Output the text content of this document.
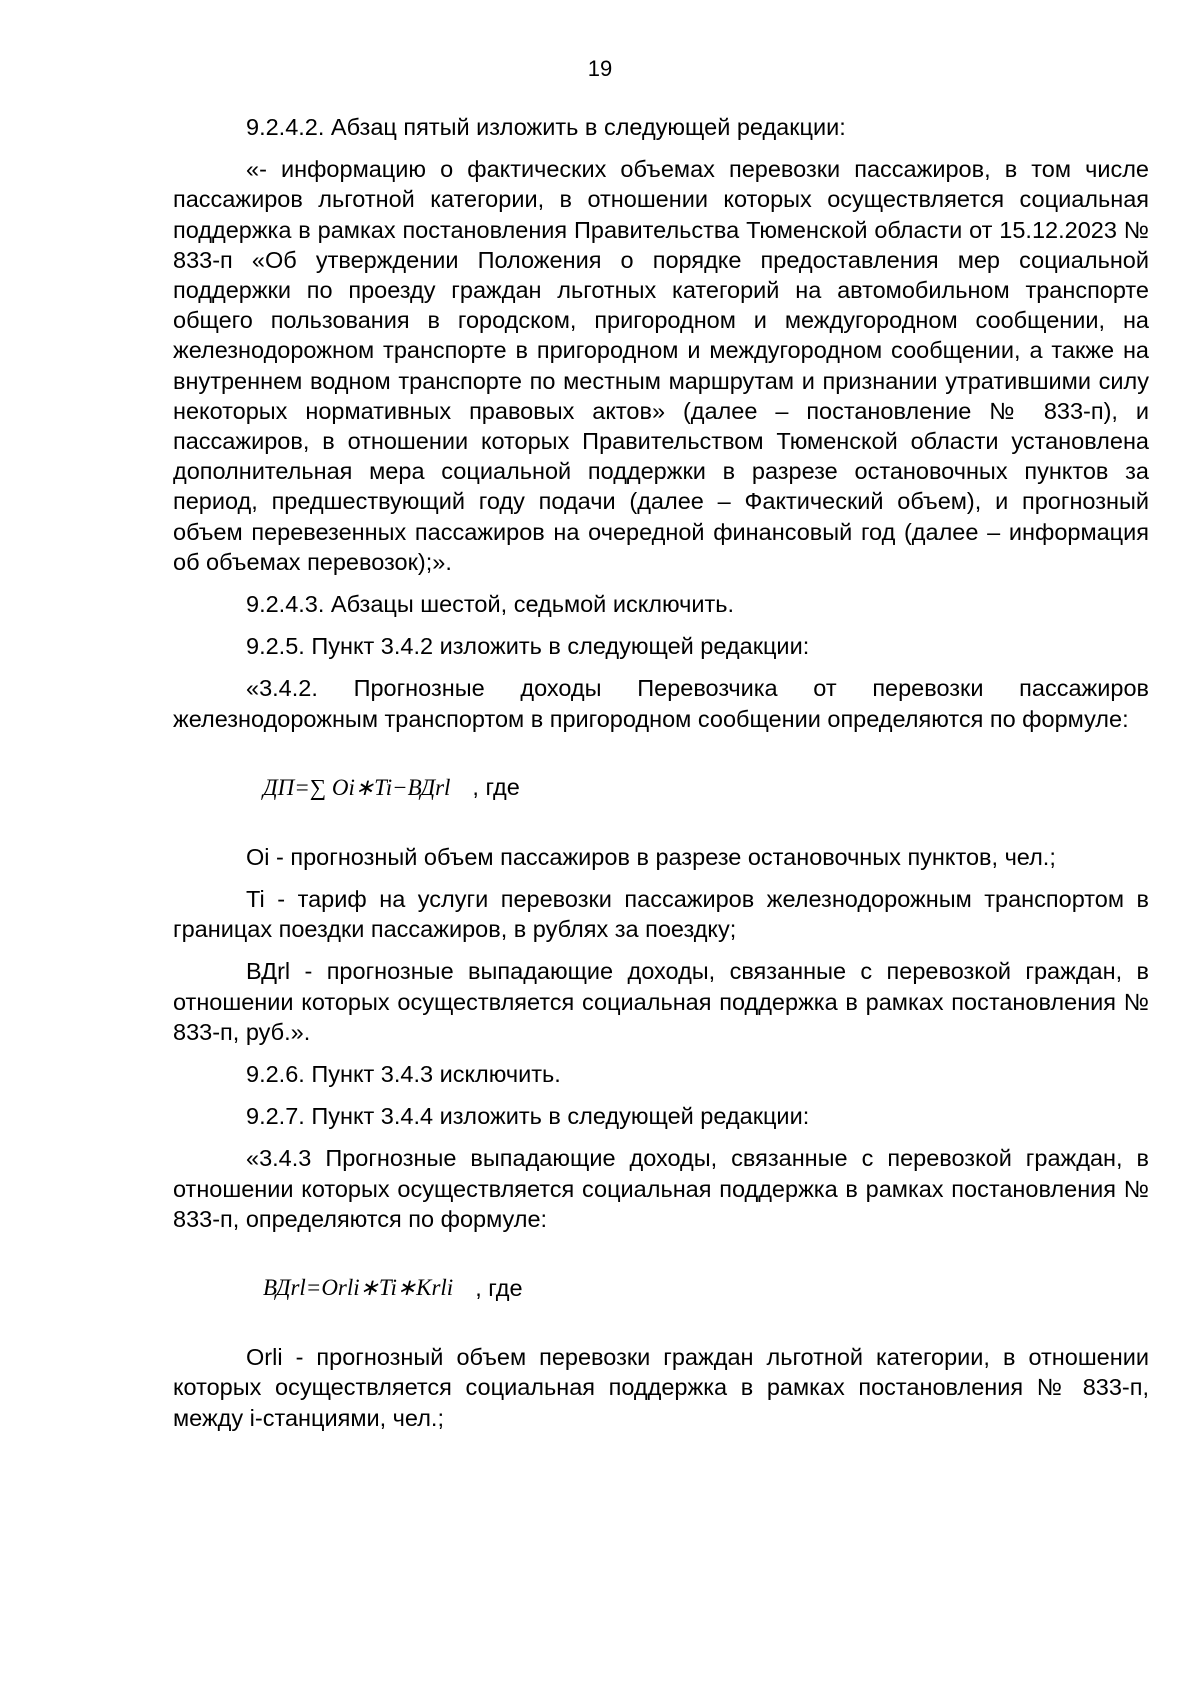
19

9.2.4.2. Абзац пятый изложить в следующей редакции:

«- информацию о фактических объемах перевозки пассажиров, в том числе пассажиров льготной категории, в отношении которых осуществляется социальная поддержка в рамках постановления Правительства Тюменской области от 15.12.2023 № 833-п «Об утверждении Положения о порядке предоставления мер социальной поддержки по проезду граждан льготных категорий на автомобильном транспорте общего пользования в городском, пригородном и междугородном сообщении, на железнодорожном транспорте в пригородном и междугородном сообщении, а также на внутреннем водном транспорте по местным маршрутам и признании утратившими силу некоторых нормативных правовых актов» (далее – постановление № 833-п), и пассажиров, в отношении которых Правительством Тюменской области установлена дополнительная мера социальной поддержки в разрезе остановочных пунктов за период, предшествующий году подачи (далее – Фактический объем), и прогнозный объем перевезенных пассажиров на очередной финансовый год (далее – информация об объемах перевозок);».

9.2.4.3. Абзацы шестой, седьмой исключить.

9.2.5. Пункт 3.4.2 изложить в следующей редакции:

«3.4.2. Прогнозные доходы Перевозчика от перевозки пассажиров железнодорожным транспортом в пригородном сообщении определяются по формуле:

ДП=∑ Oi∗Ti−ВДrl , где

Oi - прогнозный объем пассажиров в разрезе остановочных пунктов, чел.;

Ti - тариф на услуги перевозки пассажиров железнодорожным транспортом в границах поездки пассажиров, в рублях за поездку;

ВДrl - прогнозные выпадающие доходы, связанные с перевозкой граждан, в отношении которых осуществляется социальная поддержка в рамках постановления № 833-п, руб.».

9.2.6. Пункт 3.4.3 исключить.

9.2.7. Пункт 3.4.4 изложить в следующей редакции:

«3.4.3 Прогнозные выпадающие доходы, связанные с перевозкой граждан, в отношении которых осуществляется социальная поддержка в рамках постановления № 833-п, определяются по формуле:

ВДrl=Orli∗Ti∗Krli , где

Orli - прогнозный объем перевозки граждан льготной категории, в отношении которых осуществляется социальная поддержка в рамках постановления № 833-п, между i-станциями, чел.;
